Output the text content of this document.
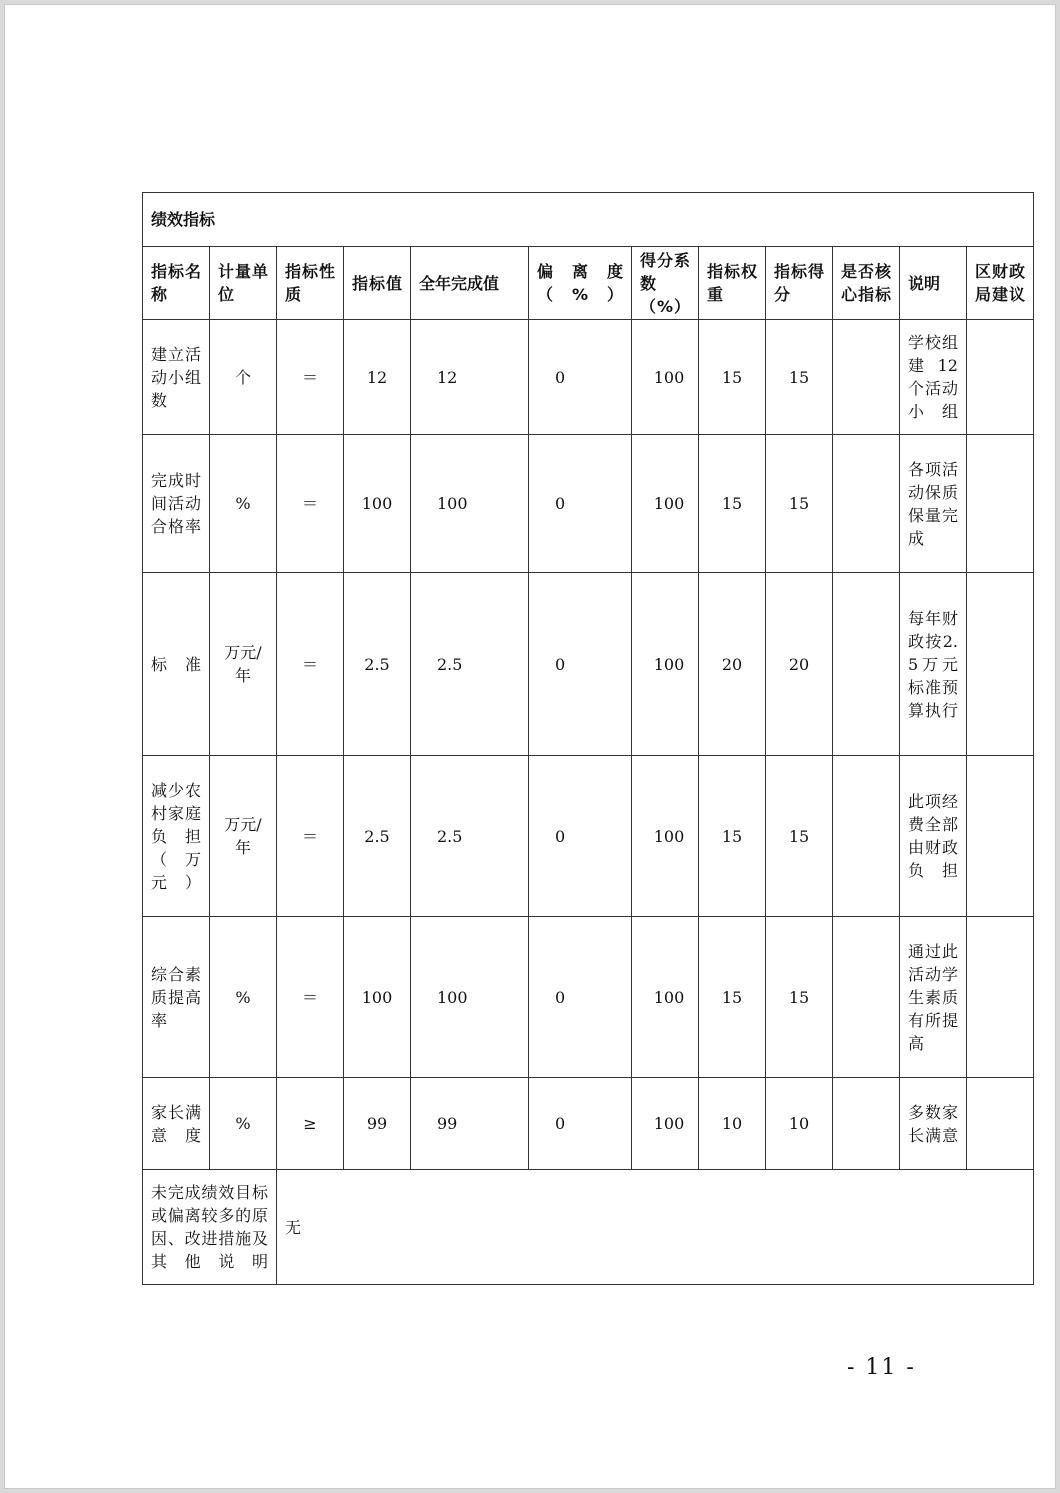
绩效指标											
指标名称	计量单位	指标性质	指标值	全年完成值	偏离度（%）	得分系数（%）	指标权重	指标得分	是否核心指标	说明	区财政局建议
建立活动小组数	个	＝	12	12	0	100	15	15		学校组建12个活动小组	
完成时间活动合格率	%	＝	100	100	0	100	15	15		各项活动保质保量完成	
标准	万元/年	＝	2.5	2.5	0	100	20	20		每年财政按2.5万元标准预算执行	
减少农村家庭负担（万元）	万元/年	＝	2.5	2.5	0	100	15	15		此项经费全部由财政负担	
综合素质提高率	%	＝	100	100	0	100	15	15		通过此活动学生素质有所提高	
家长满意度	%	≥	99	99	0	100	10	10		多数家长满意	
未完成绩效目标或偏离较多的原因、改进措施及其他说明		无									
- 11 -
